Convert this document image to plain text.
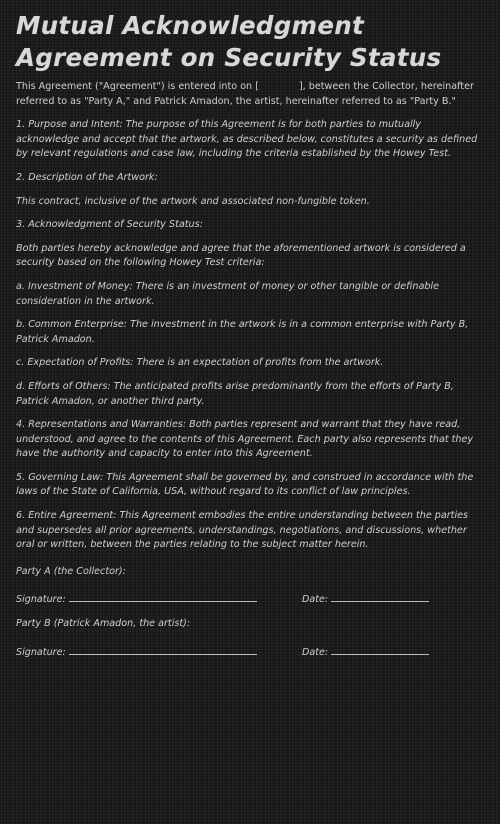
Mutual Acknowledgment
Agreement on Security Status

This Agreement ("Agreement") is entered into on [	], between the Collector, hereinafter referred to as "Party A," and Patrick Amadon, the artist, hereinafter referred to as "Party B."

1. Purpose and Intent: The purpose of this Agreement is for both parties to mutually acknowledge and accept that the artwork, as described below, constitutes a security as defined by relevant regulations and case law, including the criteria established by the Howey Test.

2. Description of the Artwork:

This contract, inclusive of the artwork and associated non-fungible token.

3. Acknowledgment of Security Status:

Both parties hereby acknowledge and agree that the aforementioned artwork is considered a security based on the following Howey Test criteria:

a. Investment of Money: There is an investment of money or other tangible or definable consideration in the artwork.

b. Common Enterprise: The investment in the artwork is in a common enterprise with Party B, Patrick Amadon.

c. Expectation of Profits: There is an expectation of profits from the artwork.

d. Efforts of Others: The anticipated profits arise predominantly from the efforts of Party B, Patrick Amadon, or another third party.

4. Representations and Warranties: Both parties represent and warrant that they have read, understood, and agree to the contents of this Agreement. Each party also represents that they have the authority and capacity to enter into this Agreement.

5. Governing Law: This Agreement shall be governed by, and construed in accordance with the laws of the State of California, USA, without regard to its conflict of law principles.

6. Entire Agreement: This Agreement embodies the entire understanding between the parties and supersedes all prior agreements, understandings, negotiations, and discussions, whether oral or written, between the parties relating to the subject matter herein.

Party A (the Collector):

Signature:	Date:

Party B (Patrick Amadon, the artist):

Signature:	Date:
